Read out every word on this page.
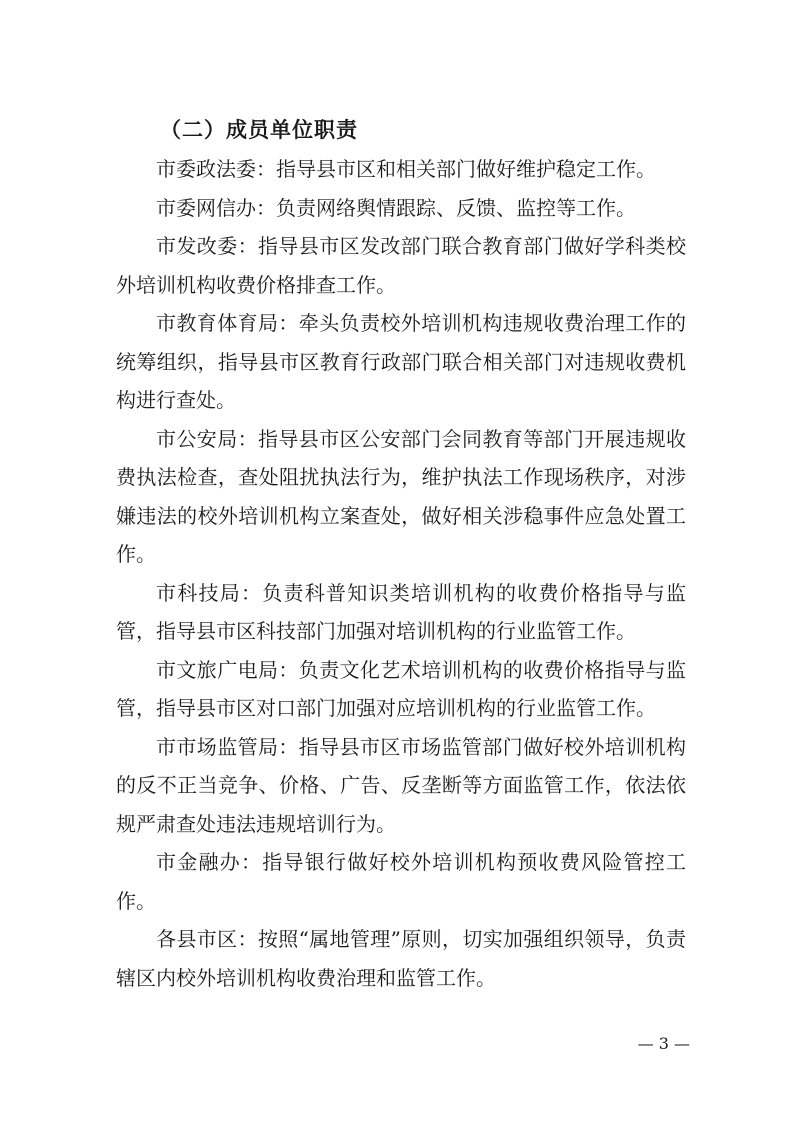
（二）成员单位职责

市委政法委：指导县市区和相关部门做好维护稳定工作。

市委网信办：负责网络舆情跟踪、反馈、监控等工作。

市发改委：指导县市区发改部门联合教育部门做好学科类校外培训机构收费价格排查工作。

市教育体育局：牵头负责校外培训机构违规收费治理工作的统筹组织，指导县市区教育行政部门联合相关部门对违规收费机构进行查处。

市公安局：指导县市区公安部门会同教育等部门开展违规收费执法检查，查处阻扰执法行为，维护执法工作现场秩序，对涉嫌违法的校外培训机构立案查处，做好相关涉稳事件应急处置工作。

市科技局：负责科普知识类培训机构的收费价格指导与监管，指导县市区科技部门加强对培训机构的行业监管工作。

市文旅广电局：负责文化艺术培训机构的收费价格指导与监管，指导县市区对口部门加强对应培训机构的行业监管工作。

市市场监管局：指导县市区市场监管部门做好校外培训机构的反不正当竞争、价格、广告、反垄断等方面监管工作，依法依规严肃查处违法违规培训行为。

市金融办：指导银行做好校外培训机构预收费风险管控工作。

各县市区：按照“属地管理”原则，切实加强组织领导，负责辖区内校外培训机构收费治理和监管工作。

— 3 —
